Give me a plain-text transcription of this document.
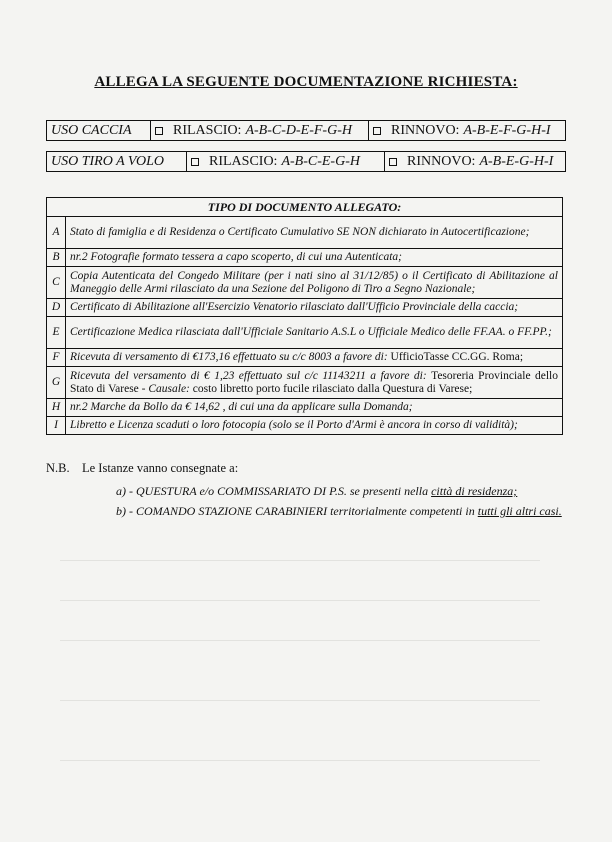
ALLEGA LA SEGUENTE DOCUMENTAZIONE RICHIESTA:
USO CACCIA	RILASCIO: A-B-C-D-E-F-G-H	RINNOVO: A-B-E-F-G-H-I
USO TIRO A VOLO	RILASCIO: A-B-C-E-G-H	RINNOVO: A-B-E-G-H-I
TIPO DI DOCUMENTO ALLEGATO:	
A	Stato di famiglia e di Residenza o Certificato Cumulativo SE NON dichiarato in Autocertificazione;
B	nr.2 Fotografie formato tessera a capo scoperto, di cui una Autenticata;
C	Copia Autenticata del Congedo Militare (per i nati sino al 31/12/85) o il Certificato di Abilitazione al Maneggio delle Armi rilasciato da una Sezione del Poligono di Tiro a Segno Nazionale;
D	Certificato di Abilitazione all'Esercizio Venatorio rilasciato dall'Ufficio Provinciale della caccia;
E	Certificazione Medica rilasciata dall'Ufficiale Sanitario A.S.L o Ufficiale Medico delle FF.AA. o FF.PP.;
F	Ricevuta di versamento di €173,16 effettuato su c/c 8003 a favore di: UfficioTasse CC.GG. Roma;
G	Ricevuta del versamento di € 1,23 effettuato sul c/c 11143211 a favore di: Tesoreria Provinciale dello Stato di Varese - Causale: costo libretto porto fucile rilasciato dalla Questura di Varese;
H	nr.2 Marche da Bollo da € 14,62 , di cui una da applicare sulla Domanda;
I	Libretto e Licenza scaduti o loro fotocopia (solo se il Porto d'Armi è ancora in corso di validità);
N.B. Le Istanze vanno consegnate a:
a) - QUESTURA e/o COMMISSARIATO DI P.S. se presenti nella città di residenza;
b) - COMANDO STAZIONE CARABINIERI territorialmente competenti in tutti gli altri casi.
